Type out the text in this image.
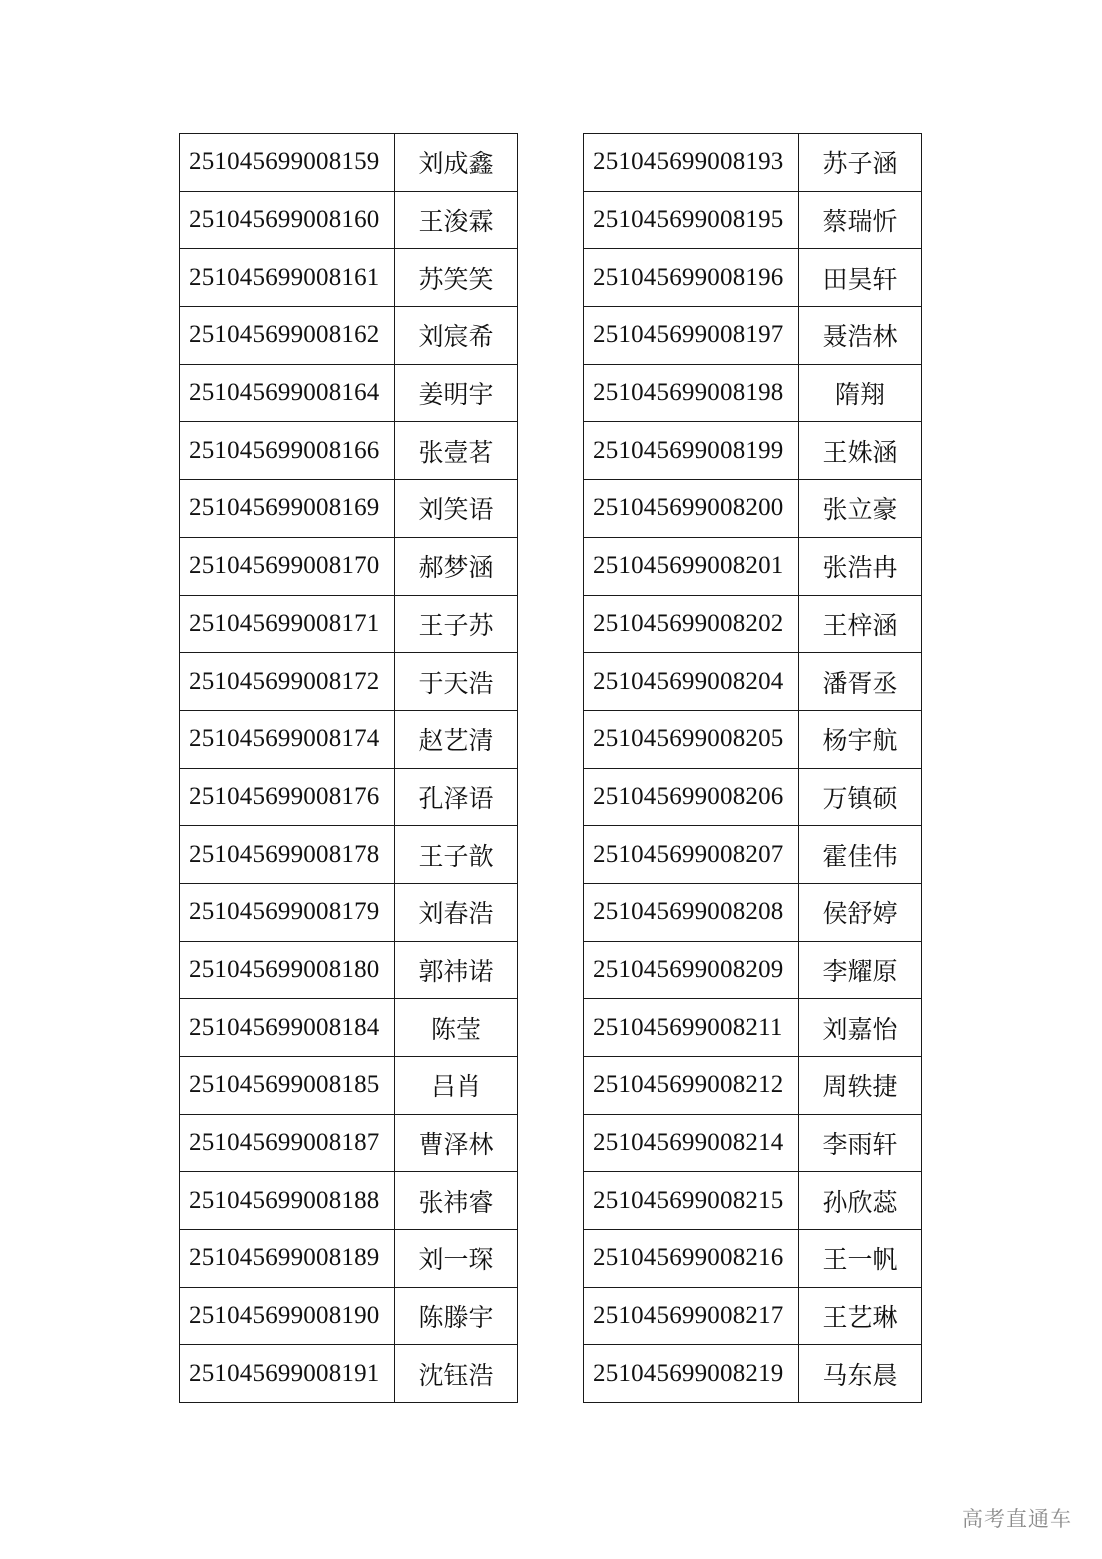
251045699008159	刘成鑫
251045699008160	王浚霖
251045699008161	苏笑笑
251045699008162	刘宸希
251045699008164	姜明宇
251045699008166	张壹茗
251045699008169	刘笑语
251045699008170	郝梦涵
251045699008171	王子苏
251045699008172	于天浩
251045699008174	赵艺清
251045699008176	孔泽语
251045699008178	王子歆
251045699008179	刘春浩
251045699008180	郭祎诺
251045699008184	陈莹
251045699008185	吕肖
251045699008187	曹泽林
251045699008188	张祎睿
251045699008189	刘一琛
251045699008190	陈滕宇
251045699008191	沈钰浩
251045699008193	苏子涵
251045699008195	蔡瑞忻
251045699008196	田昊轩
251045699008197	聂浩林
251045699008198	隋翔
251045699008199	王姝涵
251045699008200	张立豪
251045699008201	张浩冉
251045699008202	王梓涵
251045699008204	潘胥丞
251045699008205	杨宇航
251045699008206	万镇硕
251045699008207	霍佳伟
251045699008208	侯舒婷
251045699008209	李耀原
251045699008211	刘嘉怡
251045699008212	周轶捷
251045699008214	李雨轩
251045699008215	孙欣蕊
251045699008216	王一帆
251045699008217	王艺琳
251045699008219	马东晨
高考直通车
